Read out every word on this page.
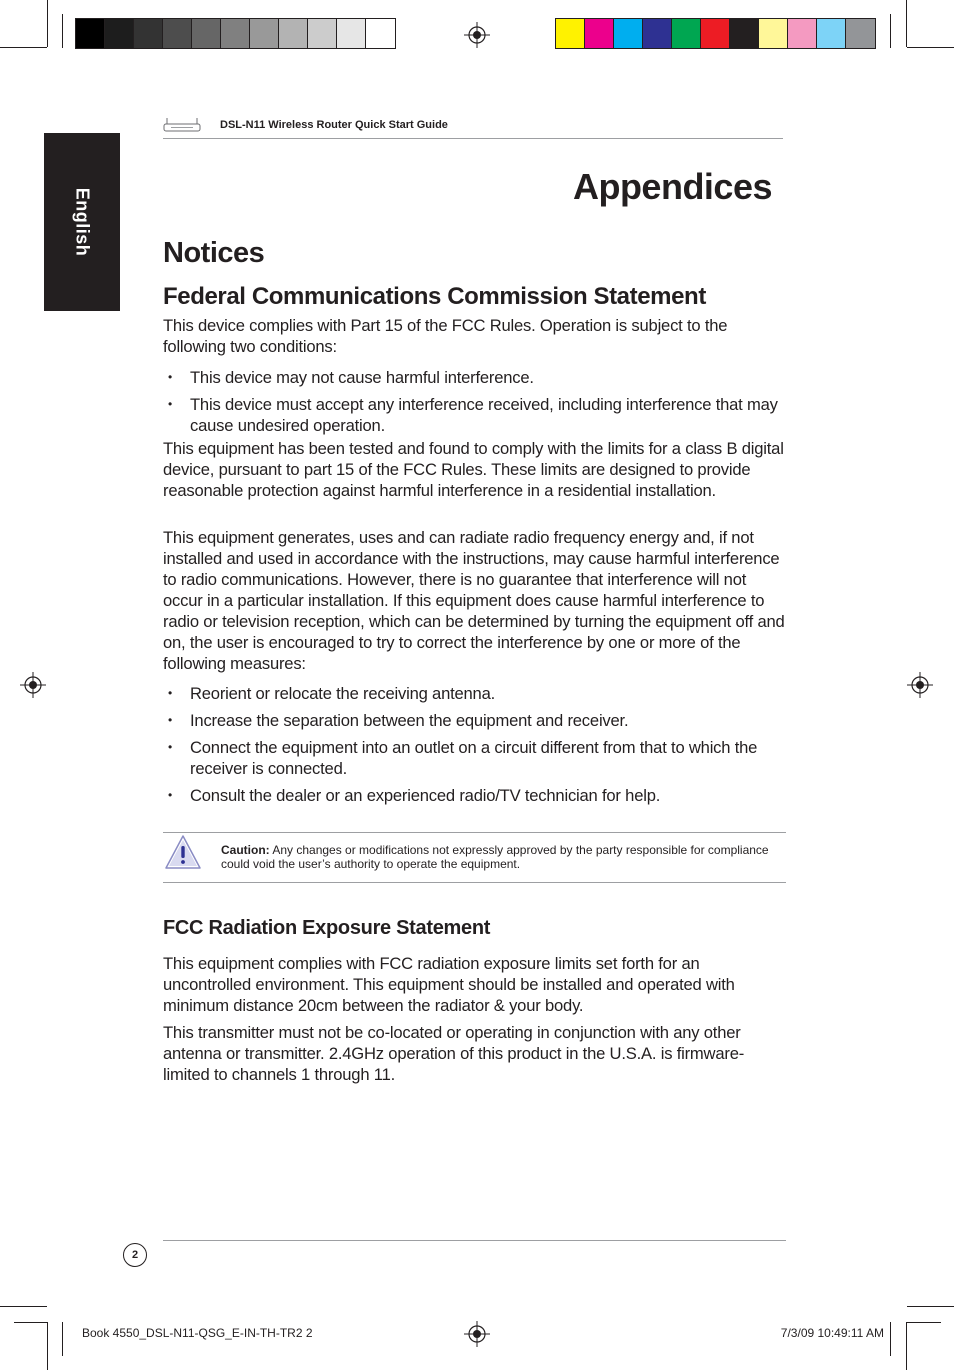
English
DSL-N11 Wireless Router Quick Start Guide
Appendices
Notices
Federal Communications Commission Statement

This device complies with Part 15 of the FCC Rules. Operation is subject to the following two conditions:

• This device may not cause harmful interference.
• This device must accept any interference received, including interference that may cause undesired operation.

This equipment has been tested and found to comply with the limits for a class B digital device, pursuant to part 15 of the FCC Rules. These limits are designed to provide reasonable protection against harmful interference in a residential installation.

This equipment generates, uses and can radiate radio frequency energy and, if not installed and used in accordance with the instructions, may cause harmful interference to radio communications. However, there is no guarantee that interference will not occur in a particular installation. If this equipment does cause harmful interference to radio or television reception, which can be determined by turning the equipment off and on, the user is encouraged to try to correct the interference by one or more of the following measures:

• Reorient or relocate the receiving antenna.
• Increase the separation between the equipment and receiver.
• Connect the equipment into an outlet on a circuit different from that to which the receiver is connected.
• Consult the dealer or an experienced radio/TV technician for help.
Caution: Any changes or modifications not expressly approved by the party responsible for compliance could void the user’s authority to operate the equipment.
FCC Radiation Exposure Statement

This equipment complies with FCC radiation exposure limits set forth for an uncontrolled environment. This equipment should be installed and operated with minimum distance 20cm between the radiator & your body.

This transmitter must not be co-located or operating in conjunction with any other antenna or transmitter. 2.4GHz operation of this product in the U.S.A. is firmware-limited to channels 1 through 11.

2
Book 4550_DSL-N11-QSG_E-IN-TH-TR2 2	7/3/09 10:49:11 AM
